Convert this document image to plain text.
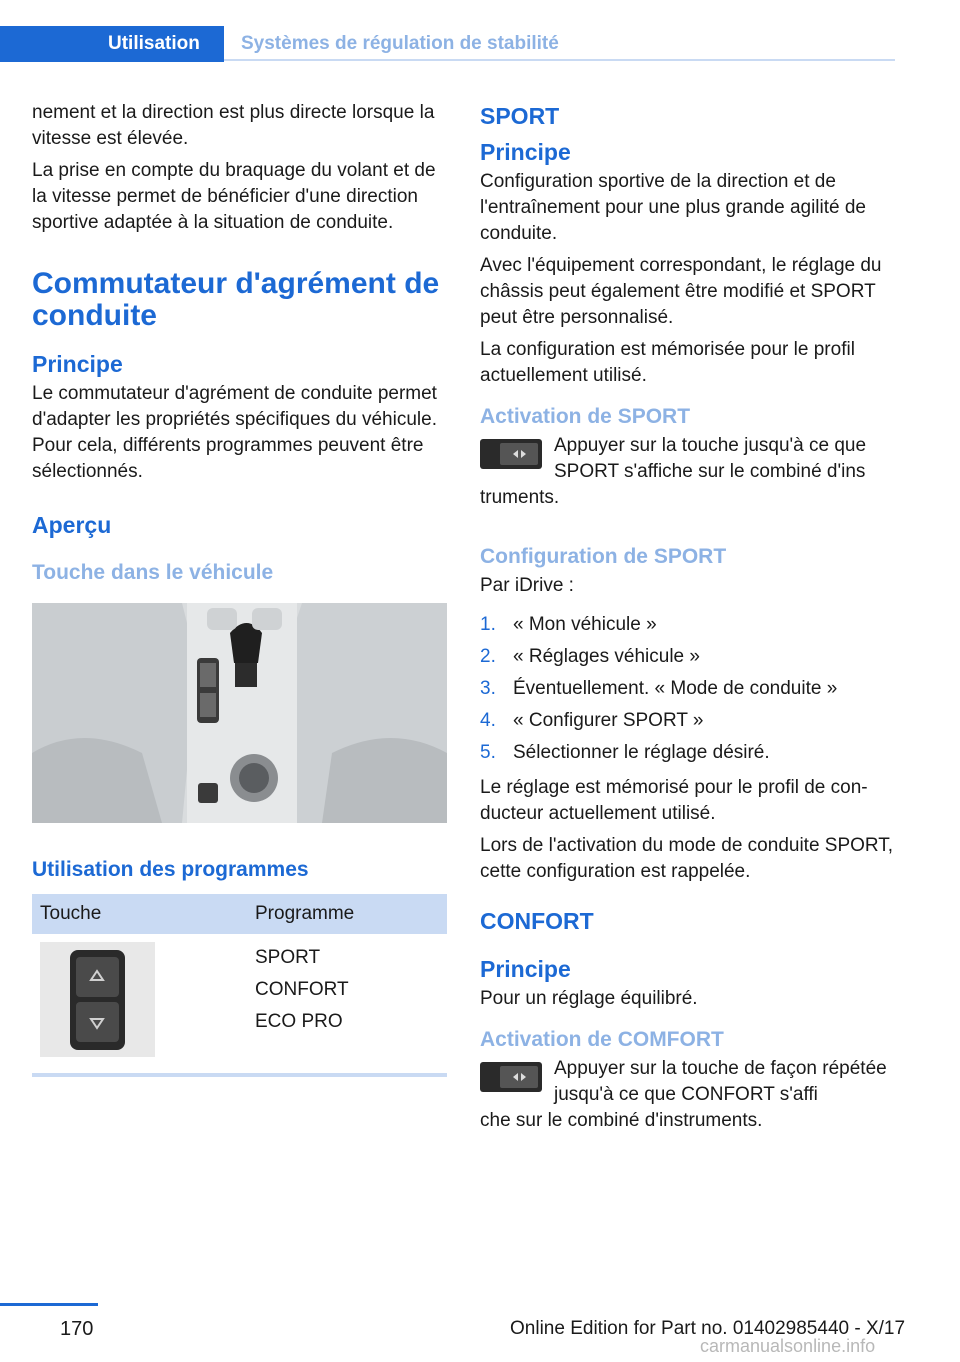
Utilisation	Systèmes de régulation de stabilité

nement et la direction est plus directe lorsque la vitesse est élevée.

La prise en compte du braquage du volant et de la vitesse permet de bénéficier d'une direction sportive adaptée à la situation de conduite.

Commutateur d'agrément de conduite
Principe

Le commutateur d'agrément de conduite permet d'adapter les propriétés spécifiques du véhicule. Pour cela, différents programmes peuvent être sélectionnés.

Aperçu
Touche dans le véhicule
Utilisation des programmes
Touche	Programme

SPORT
CONFORT
ECO PRO
SPORT
Principe

Configuration sportive de la direction et de l'entraînement pour une plus grande agilité de conduite.

Avec l'équipement correspondant, le réglage du châssis peut également être modifié et SPORT peut être personnalisé.

La configuration est mémorisée pour le profil actuellement utilisé.

Activation de SPORT
Appuyer sur la touche jusqu'à ce que SPORT s'affiche sur le combiné d'ins
truments.
Configuration de SPORT

Par iDrive :

1. « Mon véhicule »
2. « Réglages véhicule »
3. Éventuellement. « Mode de conduite »
4. « Configurer SPORT »
5. Sélectionner le réglage désiré.

Le réglage est mémorisé pour le profil de conducteur actuellement utilisé.

Lors de l'activation du mode de conduite SPORT, cette configuration est rappelée.

CONFORT
Principe

Pour un réglage équilibré.

Activation de COMFORT
Appuyer sur la touche de façon répétée jusqu'à ce que CONFORT s'affi
che sur le combiné d'instruments.
170	Online Edition for Part no. 01402985440 - X/17
carmanualsonline.info
